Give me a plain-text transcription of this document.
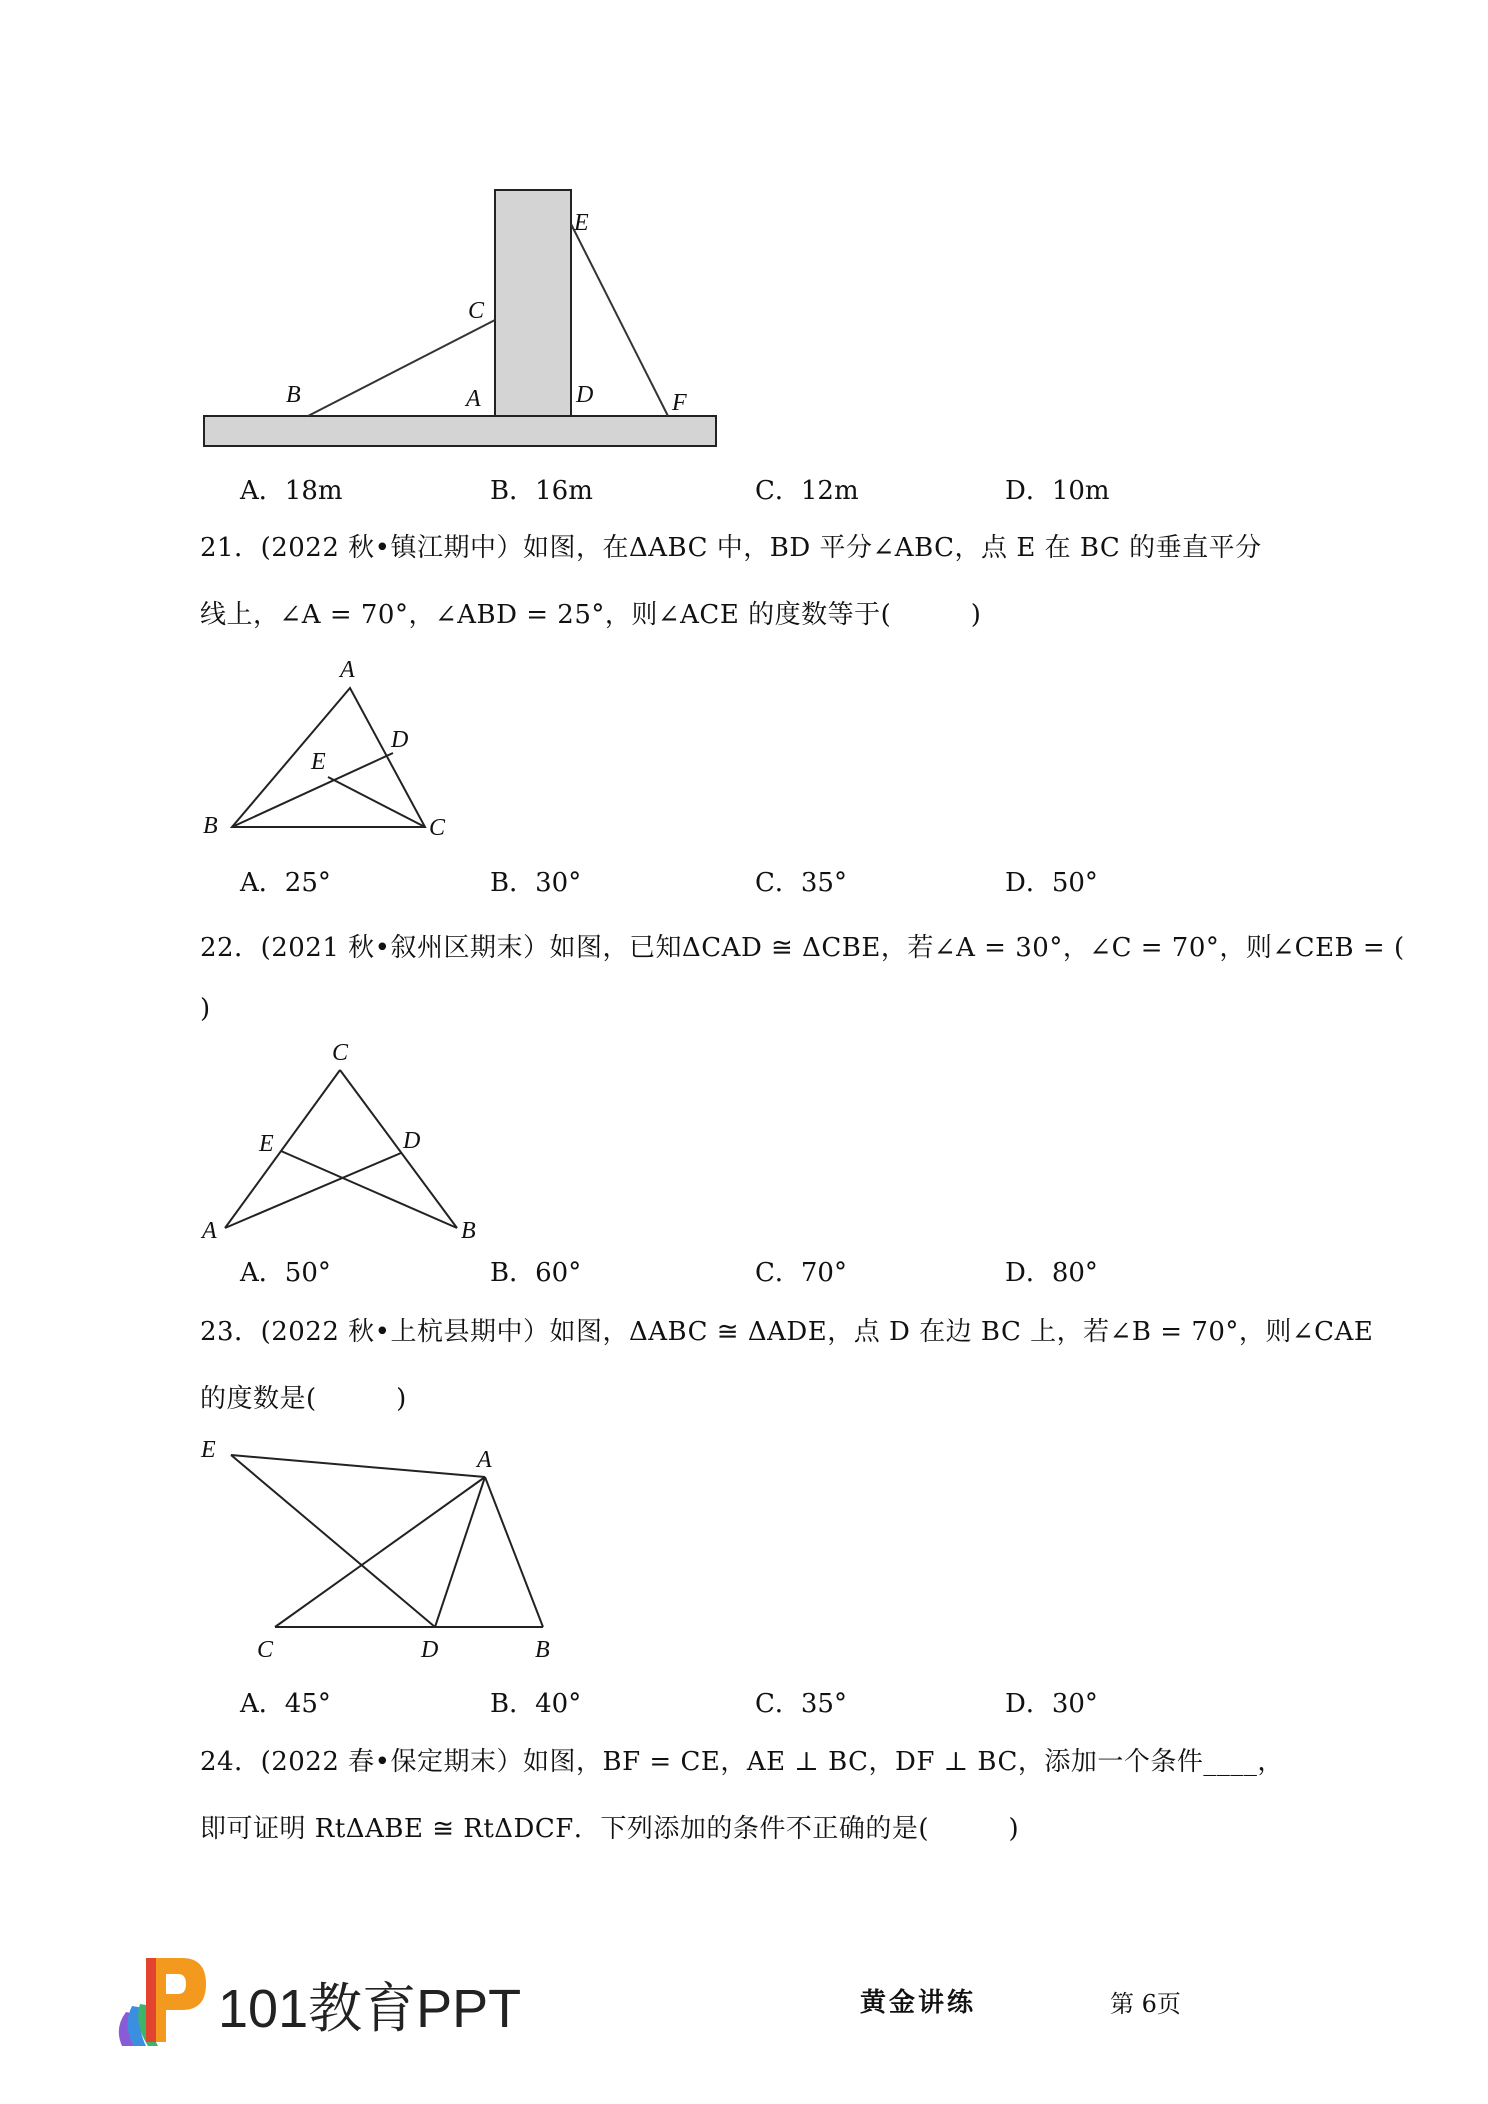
B
C
A	D
E
F
A．18m	B．16m	C．12m	D．10m
21．(2022 秋•镇江期中）如图，在ΔABC 中，BD 平分∠ABC，点 E 在 BC 的垂直平分
线上，∠A = 70°，∠ABD = 25°，则∠ACE 的度数等于(　　　)
A
B	C
D
E
A．25°	B．30°	C．35°	D．50°
22．(2021 秋•叙州区期末）如图，已知ΔCAD ≅ ΔCBE，若∠A = 30°，∠C = 70°，则∠CEB = (
)
C
E	D
A	B
A．50°	B．60°	C．70°	D．80°
23．(2022 秋•上杭县期中）如图，ΔABC ≅ ΔADE，点 D 在边 BC 上，若∠B = 70°，则∠CAE
的度数是(　　　)
E	A
C	D	B
A．45°	B．40°	C．35°	D．30°
24．(2022 春•保定期末）如图，BF = CE，AE ⊥ BC，DF ⊥ BC，添加一个条件____，
即可证明 RtΔABE ≅ RtΔDCF．下列添加的条件不正确的是(　　　)
101教育PPT	黄金讲练	第 6页
